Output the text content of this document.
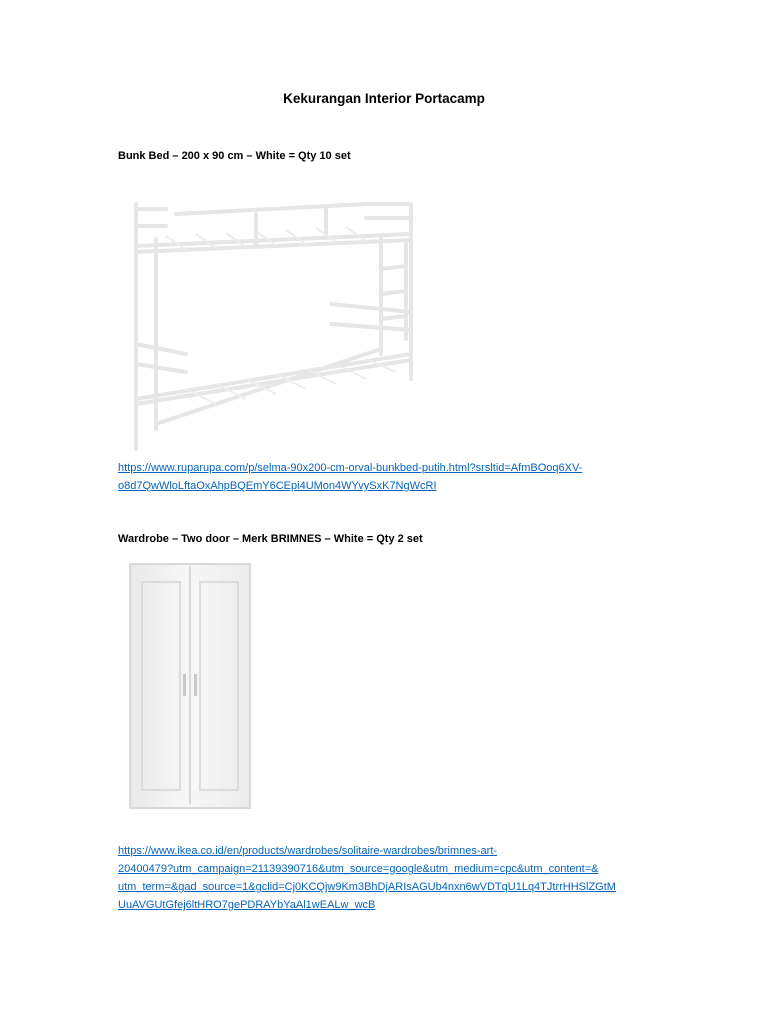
Kekurangan Interior Portacamp
Bunk Bed – 200 x 90 cm – White = Qty 10 set
https://www.ruparupa.com/p/selma-90x200-cm-orval-bunkbed-putih.html?srsltid=AfmBOoq6XV-
o8d7QwWloLftaOxAhpBQEmY6CEpi4UMon4WYvySxK7NgWcRI
Wardrobe – Two door – Merk BRIMNES – White = Qty 2 set
https://www.ikea.co.id/en/products/wardrobes/solitaire-wardrobes/brimnes-art-
20400479?utm_campaign=21139390716&utm_source=google&utm_medium=cpc&utm_content=&
utm_term=&gad_source=1&gclid=Cj0KCQjw9Km3BhDjARIsAGUb4nxn6wVDTqU1Lq4TJtrrHHSlZGtM
UuAVGUtGfej6ltHRO7gePDRAYbYaAl1wEALw_wcB
